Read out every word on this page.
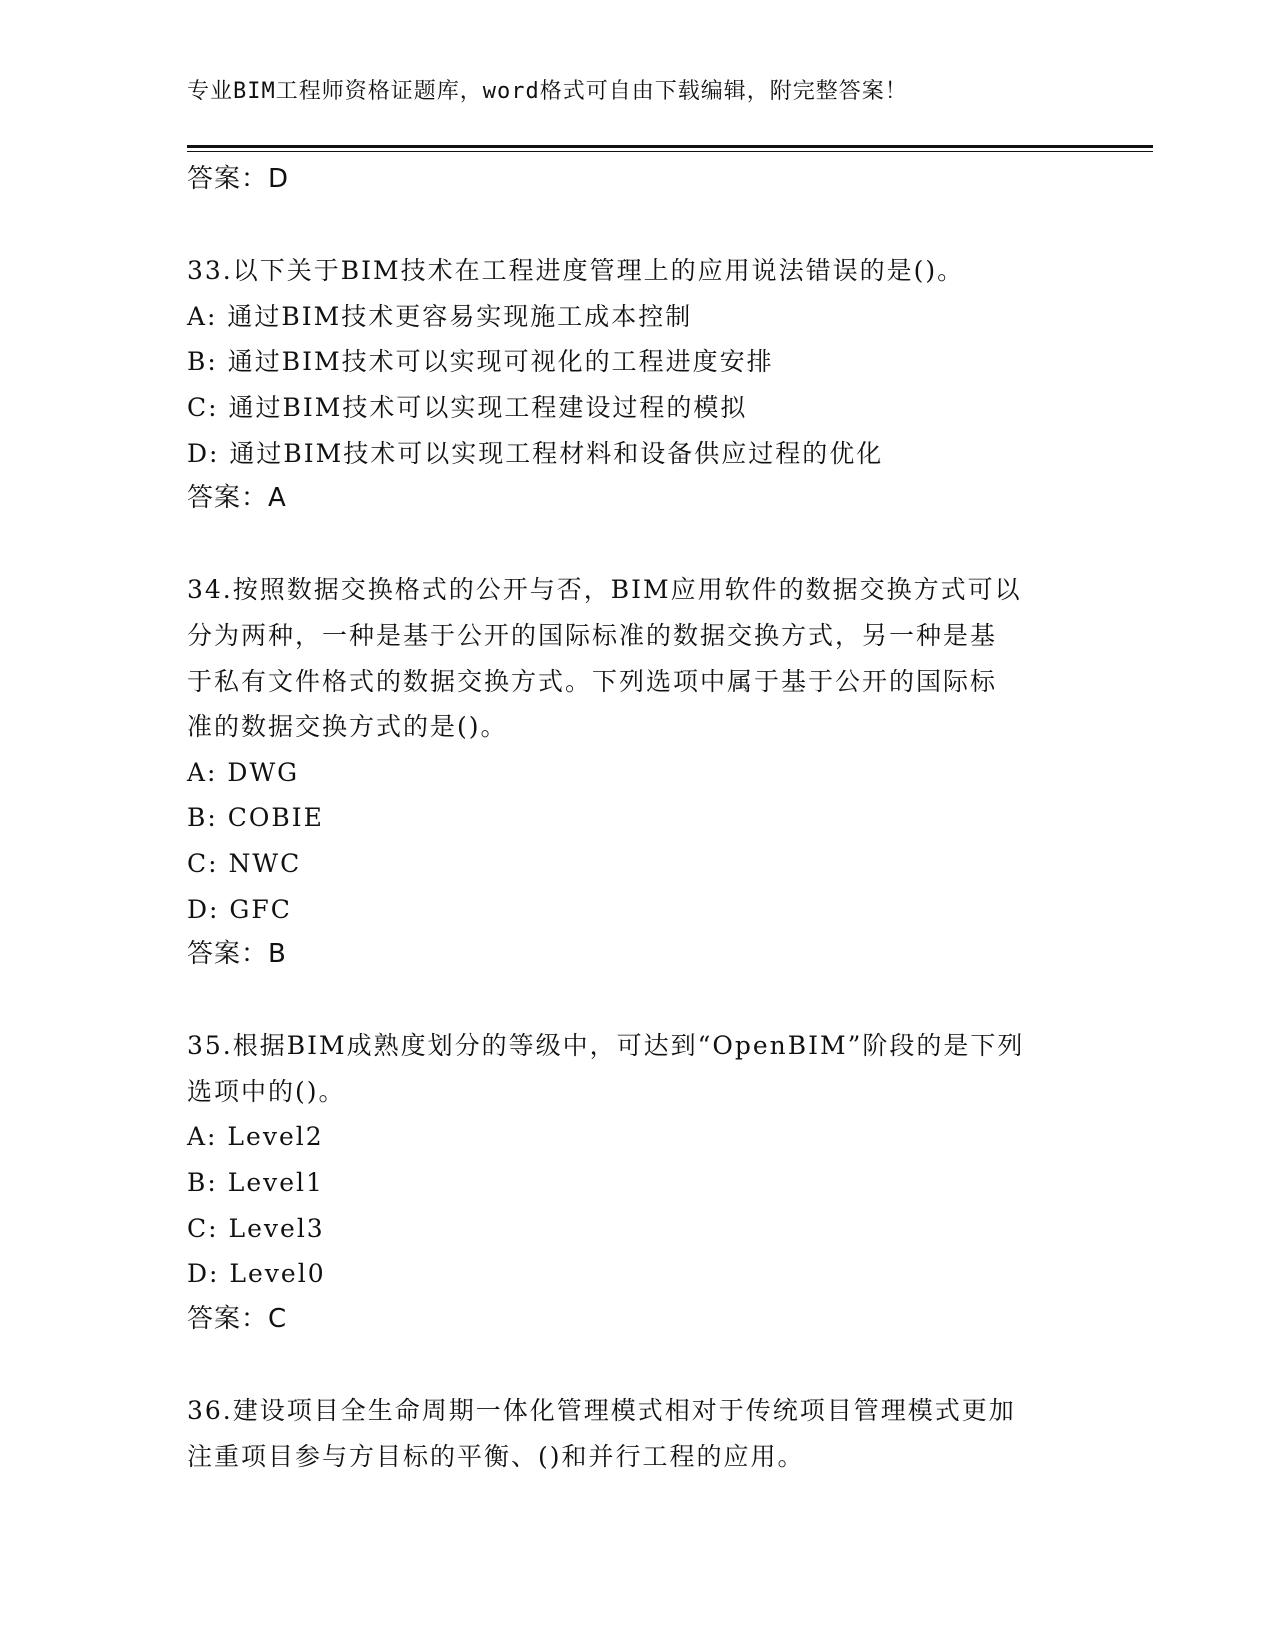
专业BIM工程师资格证题库，word格式可自由下载编辑，附完整答案！
答案：D
33.以下关于BIM技术在工程进度管理上的应用说法错误的是()。
A: 通过BIM技术更容易实现施工成本控制
B: 通过BIM技术可以实现可视化的工程进度安排
C: 通过BIM技术可以实现工程建设过程的模拟
D: 通过BIM技术可以实现工程材料和设备供应过程的优化
答案：A
34.按照数据交换格式的公开与否，BIM应用软件的数据交换方式可以
分为两种，一种是基于公开的国际标准的数据交换方式，另一种是基
于私有文件格式的数据交换方式。下列选项中属于基于公开的国际标
准的数据交换方式的是()。
A: DWG
B: COBIE
C: NWC
D: GFC
答案：B
35.根据BIM成熟度划分的等级中，可达到“OpenBIM”阶段的是下列
选项中的()。
A: Level2
B: Level1
C: Level3
D: Level0
答案：C
36.建设项目全生命周期一体化管理模式相对于传统项目管理模式更加
注重项目参与方目标的平衡、()和并行工程的应用。
